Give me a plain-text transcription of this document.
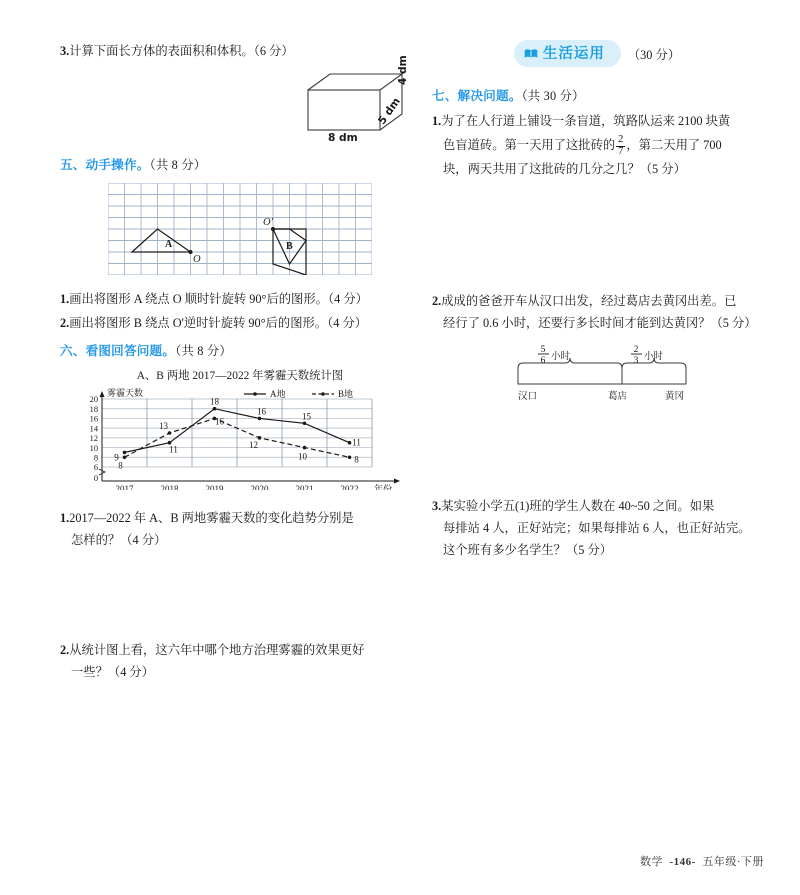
3.计算下面长方体的表面积和体积。（6 分）

8 dm
4 dm
5 dm
五、动手操作。（共 8 分）
A	B
O
O'

1.画出将图形 A 绕点 O 顺时针旋转 90°后的图形。（4 分）

2.画出将图形 B 绕点 O'逆时针旋转 90°后的图形。（4 分）

六、看图回答问题。（共 8 分）
A、B 两地 2017—2022 年雾霾天数统计图
0
6
8
10
12
14
16
18
20
雾霾天数
年份
2017	2018	2019	2020	2021	2022
9
11
18
16	15
11
8
13	16
12
10	8
A地	B地

1.2017—2022 年 A、B 两地雾霾天数的变化趋势分别是

怎样的？（4 分）

2.从统计图上看，这六年中哪个地方治理雾霾的效果更好

一些？（4 分）

生活运用 （30 分）
七、解决问题。（共 30 分）

1.为了在人行道上铺设一条盲道，筑路队运来 2100 块黄

色盲道砖。第一天用了这批砖的 $\frac{2}{7}$ ，第二天用了 700

块，两天共用了这批砖的几分之几？（5 分）

2.成成的爸爸开车从汉口出发，经过葛店去黄冈出差。已

经行了 0.6 小时，还要行多长时间才能到达黄冈？（5 分）

汉口	葛店	黄冈
5
6 小时
2
3 小时

3.某实验小学五(1)班的学生人数在 40~50 之间。如果

每排站 4 人，正好站完；如果每排站 6 人，也正好站完。

这个班有多少名学生？（5 分）

数学 -146- 五年级·下册
